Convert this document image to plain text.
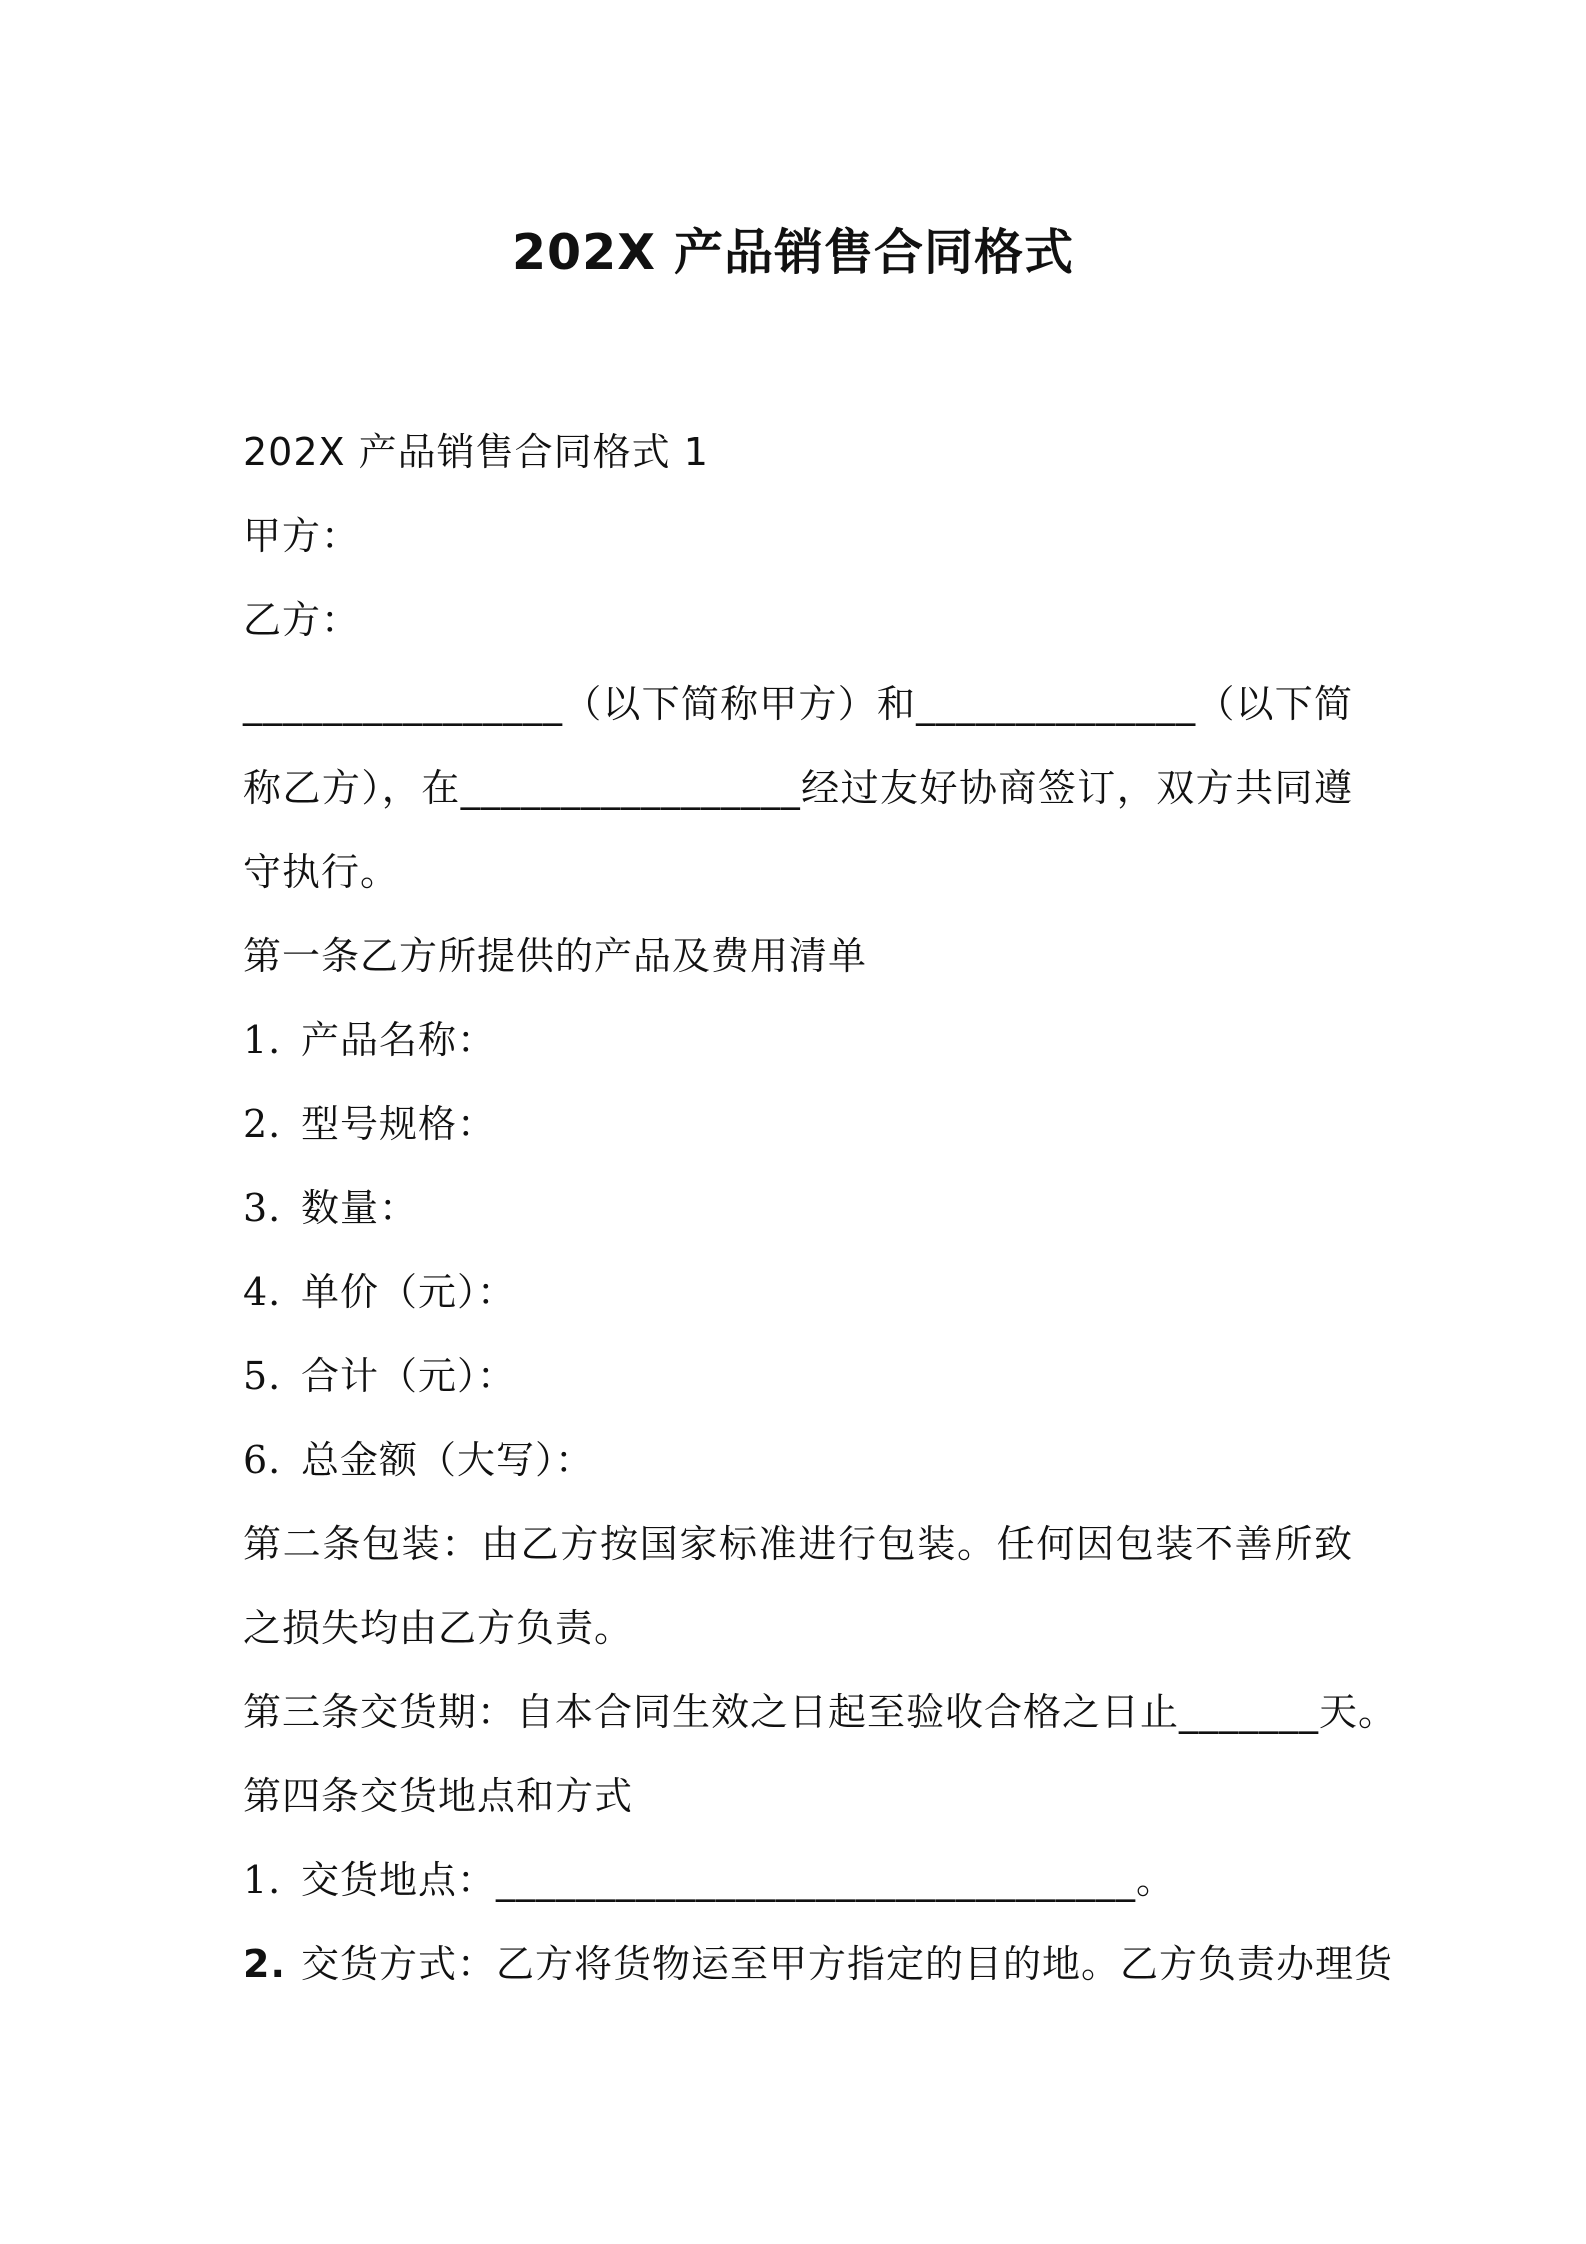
202X 产品销售合同格式
202X 产品销售合同格式 1
甲方：
乙方：
________________（以下简称甲方）和______________（以下简称乙方），在_________________经过友好协商签订，双方共同遵守执行。
第一条乙方所提供的产品及费用清单
1. 产品名称：
2. 型号规格：
3. 数量：
4. 单价（元）：
5. 合计（元）：
6. 总金额（大写）：
第二条包装：由乙方按国家标准进行包装。任何因包装不善所致之损失均由乙方负责。
第三条交货期：自本合同生效之日起至验收合格之日止_______天。
第四条交货地点和方式
1. 交货地点：________________________________。
2. 交货方式：乙方将货物运至甲方指定的目的地。乙方负责办理货
